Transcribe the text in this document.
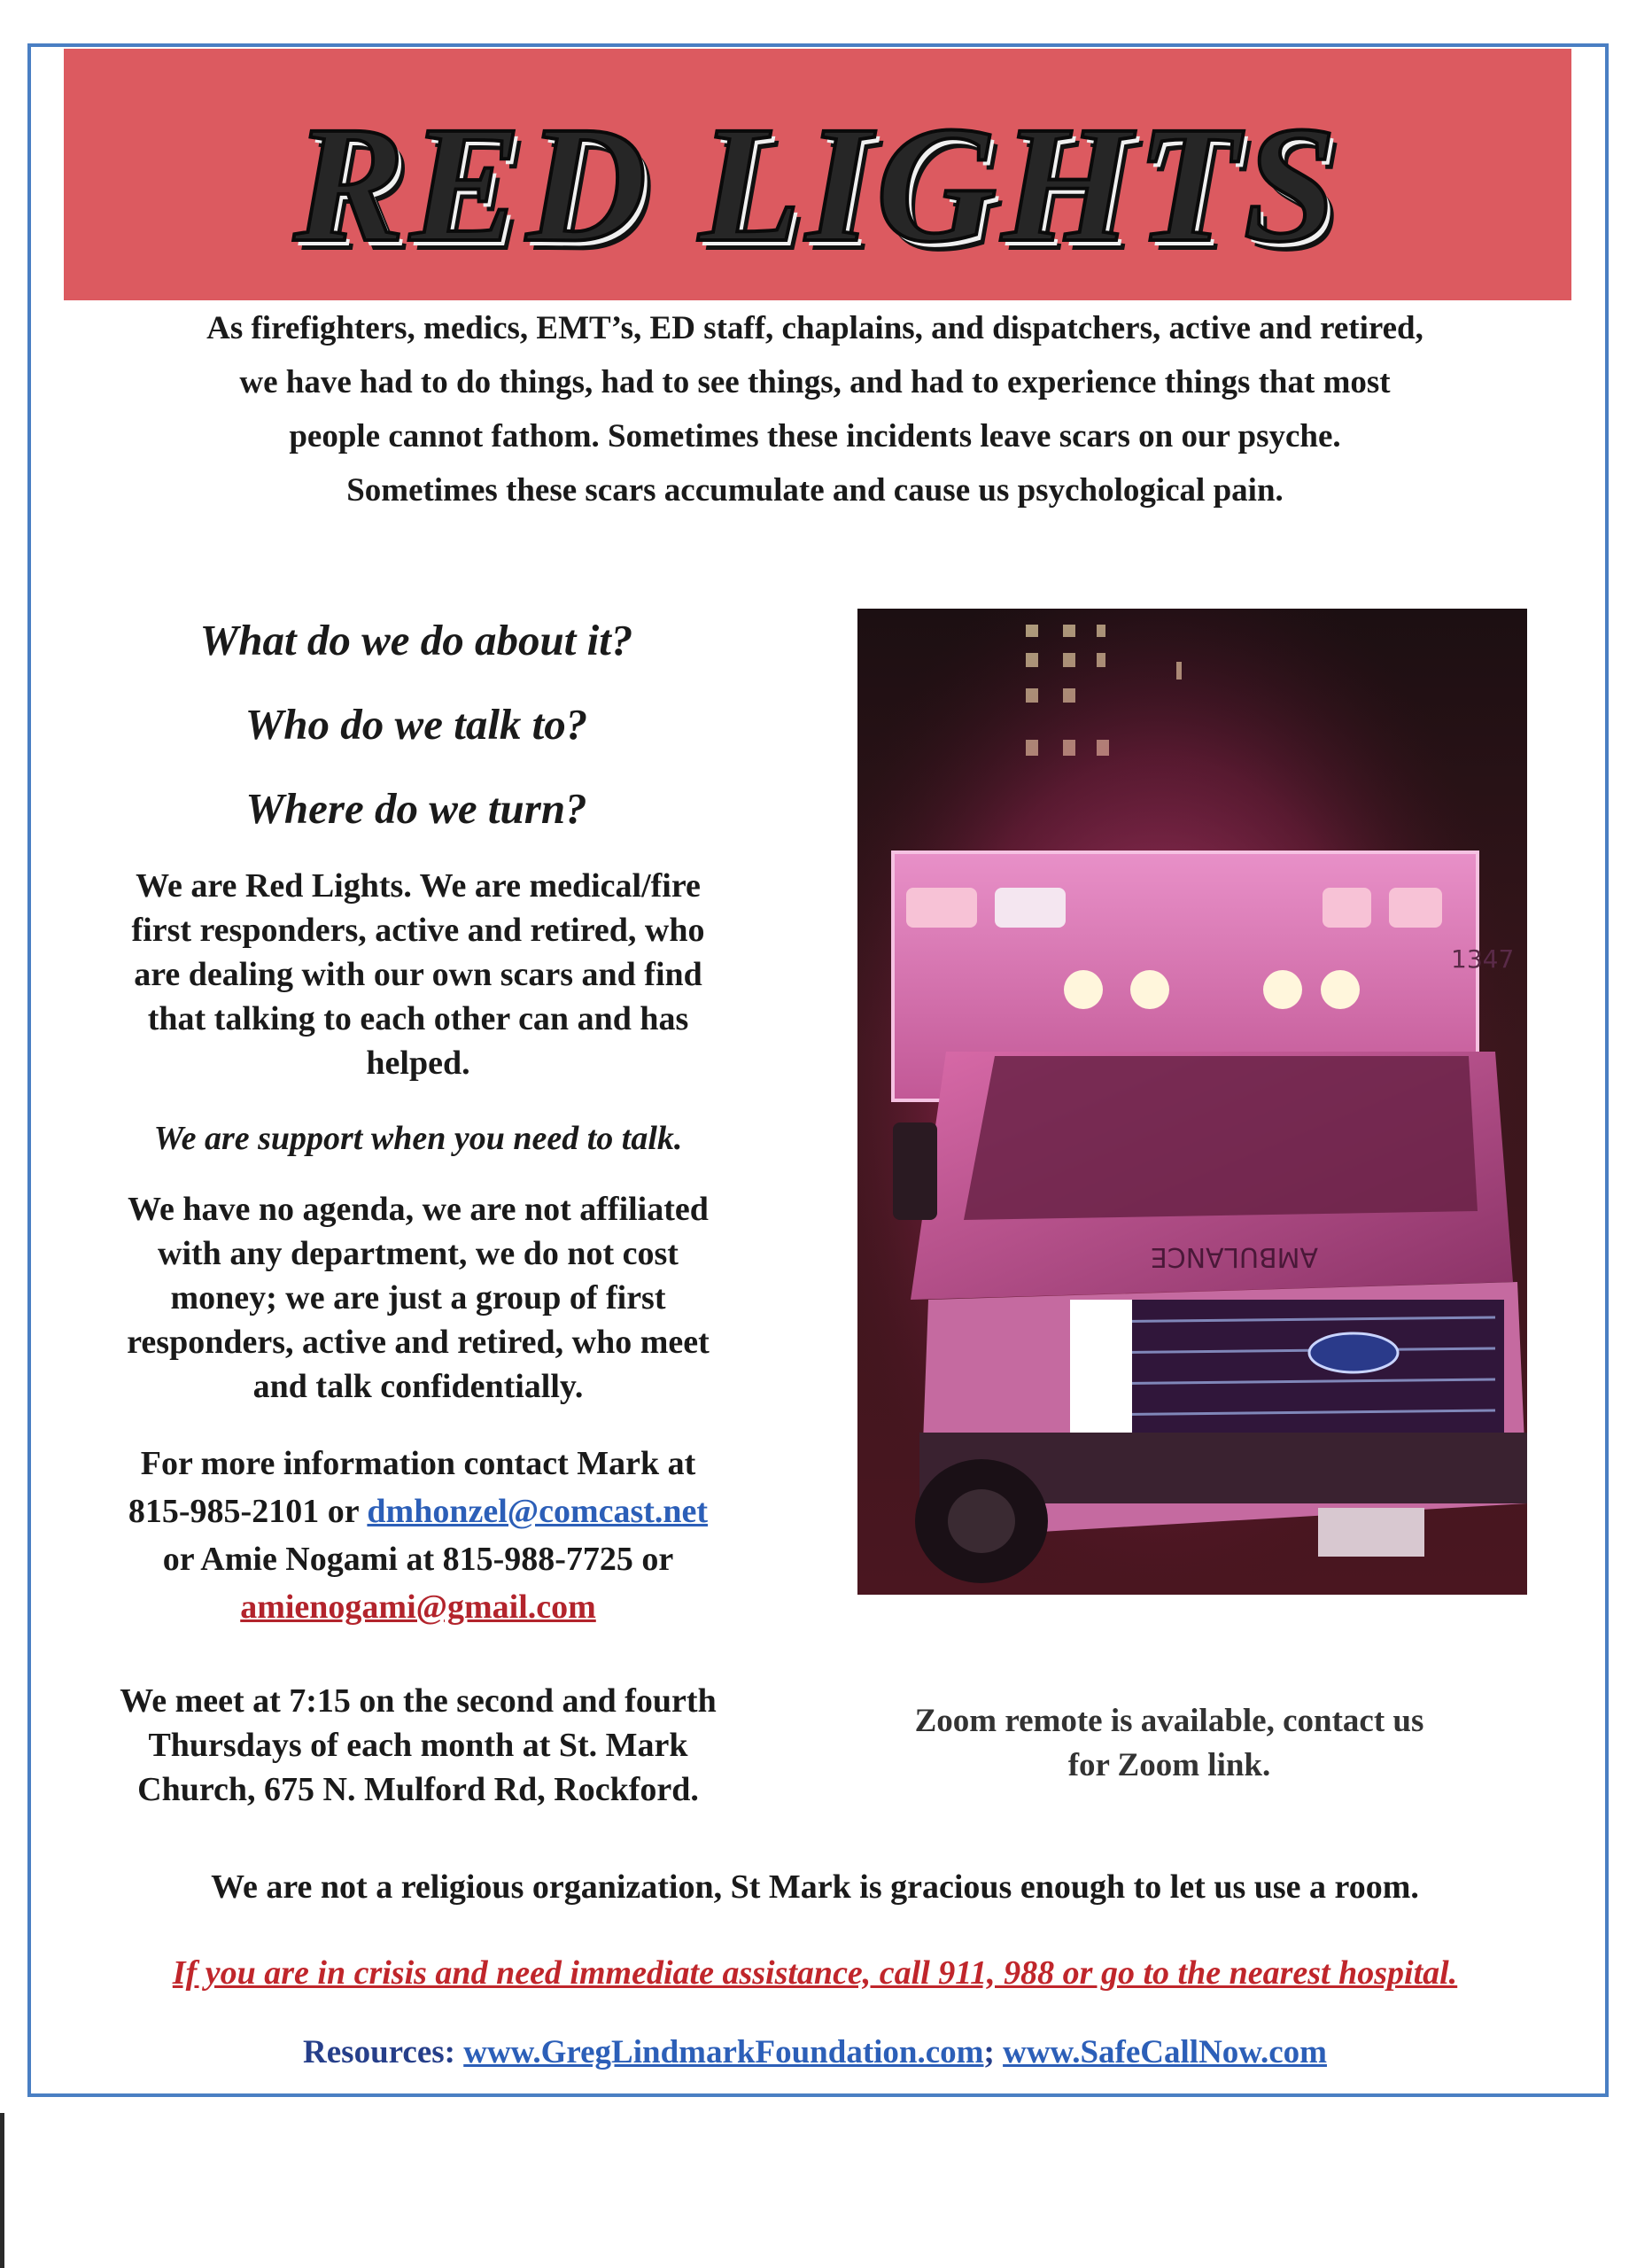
RED LIGHTS

As firefighters, medics, EMT’s, ED staff, chaplains, and dispatchers, active and retired,

we have had to do things, had to see things, and had to experience things that most

people cannot fathom. Sometimes these incidents leave scars on our psyche.

Sometimes these scars accumulate and cause us psychological pain.

What do we do about it?
Who do we talk to?
Where do we turn?
We are Red Lights. We are medical/fire
first responders, active and retired, who
are dealing with our own scars and find
that talking to each other can and has
helped.
We are support when you need to talk.
We have no agenda, we are not affiliated
with any department, we do not cost
money; we are just a group of first
responders, active and retired, who meet
and talk confidentially.
For more information contact Mark at
815-985-2101 or dmhonzel@comcast.net
or Amie Nogami at 815-988-7725 or
amienogami@gmail.com
We meet at 7:15 on the second and fourth
Thursdays of each month at St. Mark
Church, 675 N. Mulford Rd, Rockford.
Zoom remote is available, contact us
for Zoom link.
1347
AMBULANCE
We are not a religious organization, St Mark is gracious enough to let us use a room.
If you are in crisis and need immediate assistance, call 911, 988 or go to the nearest hospital.
Resources: www.GregLindmarkFoundation.com; www.SafeCallNow.com
